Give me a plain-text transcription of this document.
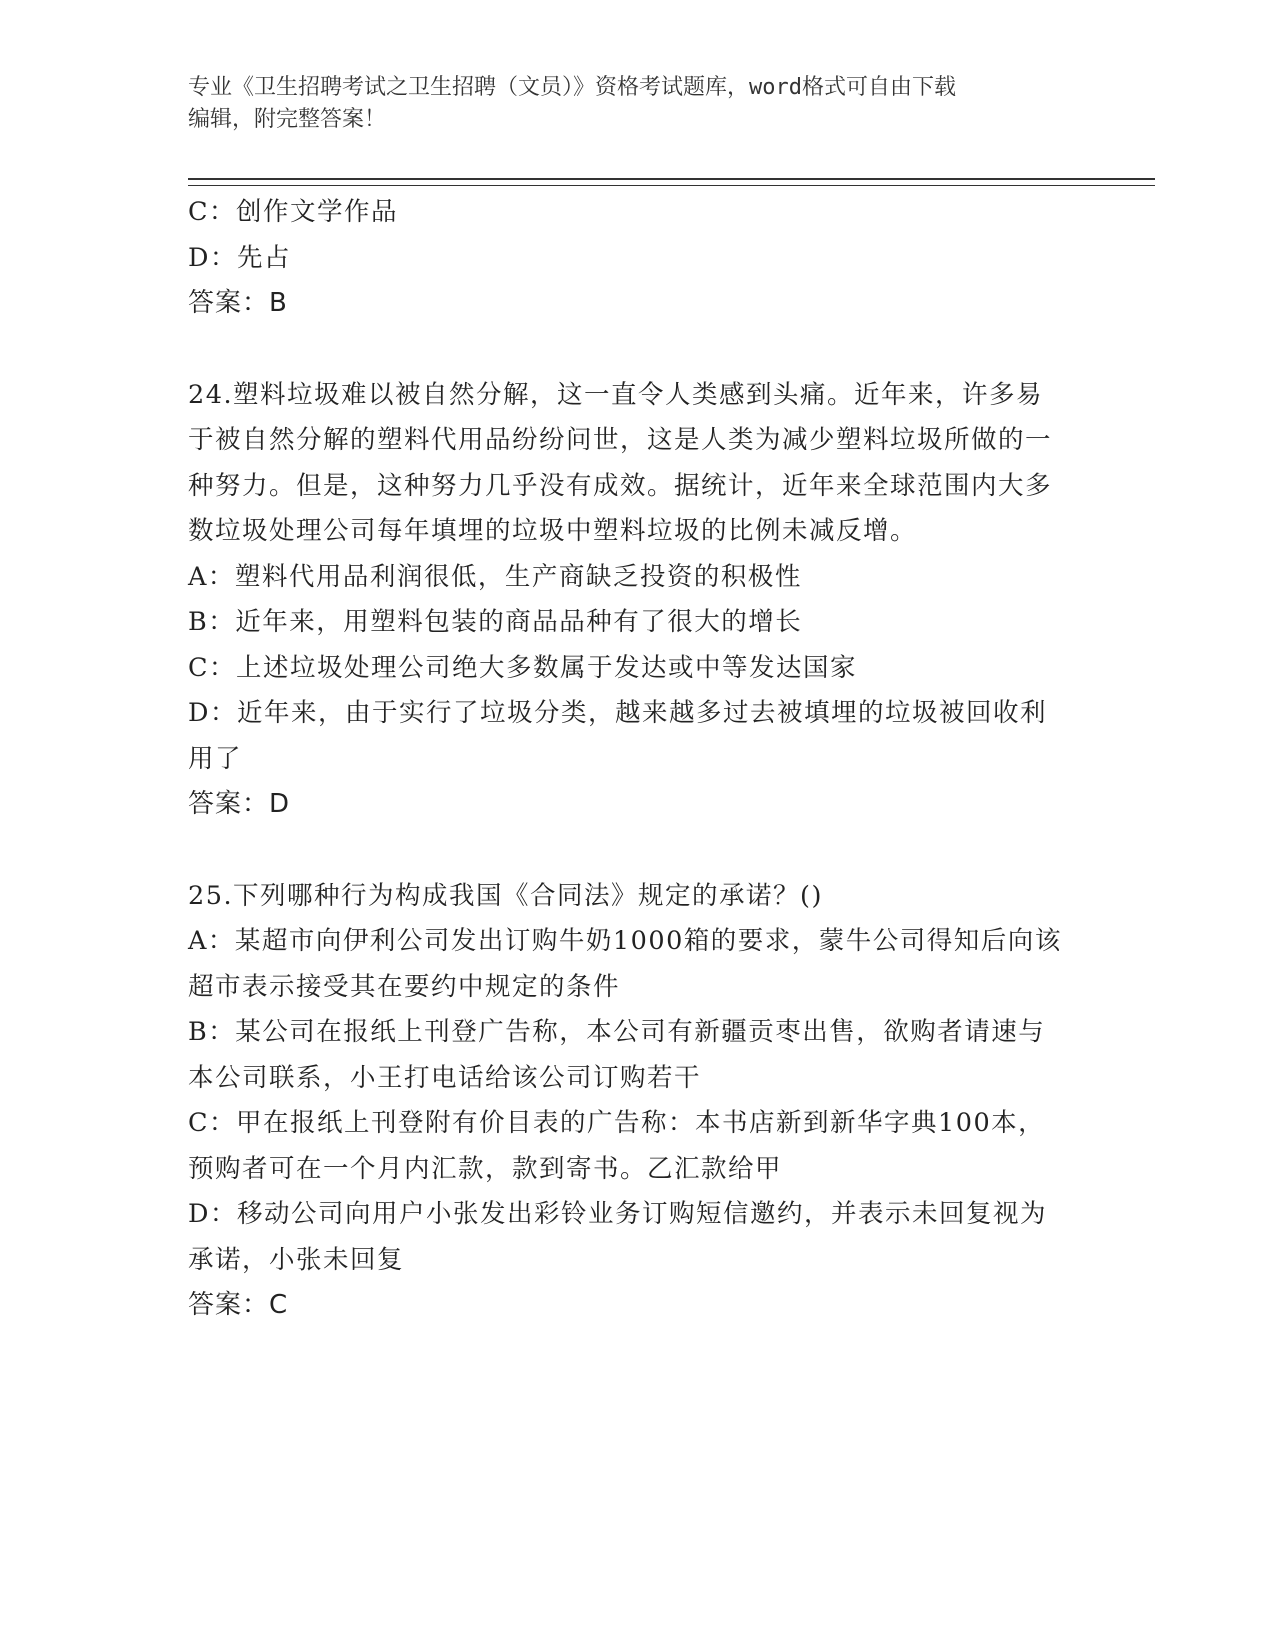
专业《卫生招聘考试之卫生招聘（文员）》资格考试题库，word格式可自由下载
编辑，附完整答案！
C：创作文学作品
D：先占
答案：B
24.塑料垃圾难以被自然分解，这一直令人类感到头痛。近年来，许多易于被自然分解的塑料代用品纷纷问世，这是人类为减少塑料垃圾所做的一种努力。但是，这种努力几乎没有成效。据统计，近年来全球范围内大多数垃圾处理公司每年填埋的垃圾中塑料垃圾的比例未减反增。
A：塑料代用品利润很低，生产商缺乏投资的积极性
B：近年来，用塑料包装的商品品种有了很大的增长
C：上述垃圾处理公司绝大多数属于发达或中等发达国家
D：近年来，由于实行了垃圾分类，越来越多过去被填埋的垃圾被回收利用了
答案：D
25.下列哪种行为构成我国《合同法》规定的承诺？()
A：某超市向伊利公司发出订购牛奶1000箱的要求，蒙牛公司得知后向该超市表示接受其在要约中规定的条件
B：某公司在报纸上刊登广告称，本公司有新疆贡枣出售，欲购者请速与本公司联系，小王打电话给该公司订购若干
C：甲在报纸上刊登附有价目表的广告称：本书店新到新华字典100本，预购者可在一个月内汇款，款到寄书。乙汇款给甲
D：移动公司向用户小张发出彩铃业务订购短信邀约，并表示未回复视为承诺，小张未回复
答案：C
